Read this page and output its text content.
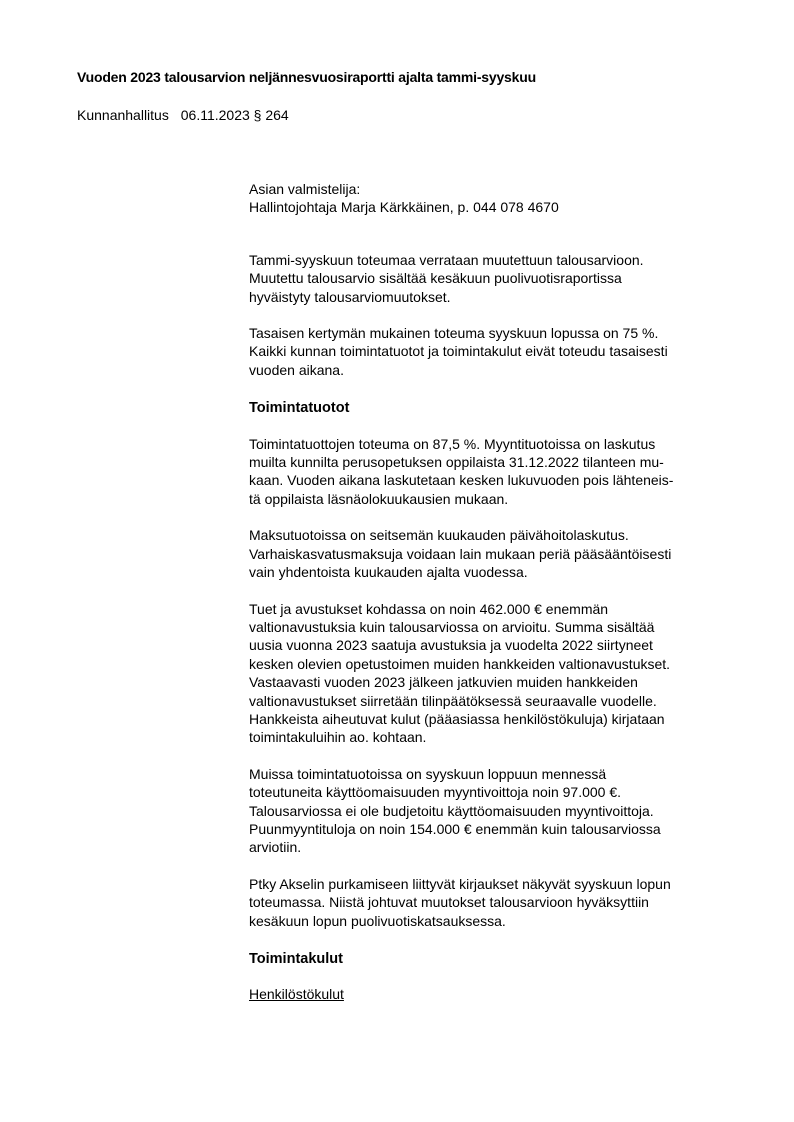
Vuoden 2023 talousarvion neljännesvuosiraportti ajalta tammi-syyskuu
Kunnanhallitus 06.11.2023 § 264

Asian valmistelija:

Hallintojohtaja Marja Kärkkäinen, p. 044 078 4670

Tammi-syyskuun toteumaa verrataan muutettuun talousarvioon.
Muutettu talousarvio sisältää kesäkuun puolivuotisraportissa
hyväistyty talousarviomuutokset.

Tasaisen kertymän mukainen toteuma syyskuun lopussa on 75 %.
Kaikki kunnan toimintatuotot ja toimintakulut eivät toteudu tasaisesti
vuoden aikana.

Toimintatuotot

Toimintatuottojen toteuma on 87,5 %. Myyntituotoissa on laskutus
muilta kunnilta perusopetuksen oppilaista 31.12.2022 tilanteen mu-
kaan. Vuoden aikana laskutetaan kesken lukuvuoden pois lähteneis-
tä oppilaista läsnäolokuukausien mukaan.

Maksutuotoissa on seitsemän kuukauden päivähoitolaskutus.
Varhaiskasvatusmaksuja voidaan lain mukaan periä pääsääntöisesti
vain yhdentoista kuukauden ajalta vuodessa.

Tuet ja avustukset kohdassa on noin 462.000 € enemmän
valtionavustuksia kuin talousarviossa on arvioitu. Summa sisältää
uusia vuonna 2023 saatuja avustuksia ja vuodelta 2022 siirtyneet
kesken olevien opetustoimen muiden hankkeiden valtionavustukset.
Vastaavasti vuoden 2023 jälkeen jatkuvien muiden hankkeiden
valtionavustukset siirretään tilinpäätöksessä seuraavalle vuodelle.
Hankkeista aiheutuvat kulut (pääasiassa henkilöstökuluja) kirjataan
toimintakuluihin ao. kohtaan.

Muissa toimintatuotoissa on syyskuun loppuun mennessä
toteutuneita käyttöomaisuuden myyntivoittoja noin 97.000 €.
Talousarviossa ei ole budjetoitu käyttöomaisuuden myyntivoittoja.
Puunmyyntituloja on noin 154.000 € enemmän kuin talousarviossa
arviotiin.

Ptky Akselin purkamiseen liittyvät kirjaukset näkyvät syyskuun lopun
toteumassa. Niistä johtuvat muutokset talousarvioon hyväksyttiin
kesäkuun lopun puolivuotiskatsauksessa.

Toimintakulut

Henkilöstökulut
